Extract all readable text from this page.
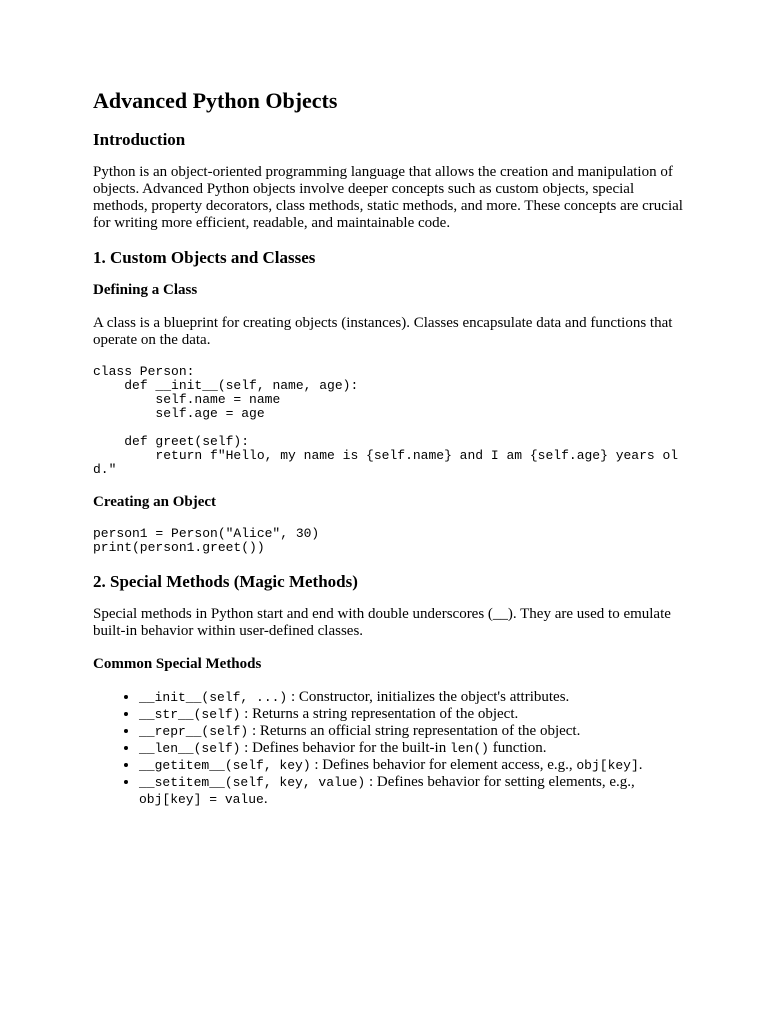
Advanced Python Objects
Introduction

Python is an object-oriented programming language that allows the creation and manipulation of objects. Advanced Python objects involve deeper concepts such as custom objects, special methods, property decorators, class methods, static methods, and more. These concepts are crucial for writing more efficient, readable, and maintainable code.

1. Custom Objects and Classes
Defining a Class

A class is a blueprint for creating objects (instances). Classes encapsulate data and functions that operate on the data.

class Person:
def __init__(self, name, age):
self.name = name
self.age = age

def greet(self):
return f"Hello, my name is {self.name} and I am {self.age} years old."
Creating an Object
person1 = Person("Alice", 30)
print(person1.greet())
2. Special Methods (Magic Methods)

Special methods in Python start and end with double underscores (__). They are used to emulate built-in behavior within user-defined classes.

Common Special Methods
• __init__(self, ...) : Constructor, initializes the object's attributes.
• __str__(self) : Returns a string representation of the object.
• __repr__(self) : Returns an official string representation of the object.
• __len__(self) : Defines behavior for the built-in len() function.
• __getitem__(self, key) : Defines behavior for element access, e.g., obj[key].
• __setitem__(self, key, value) : Defines behavior for setting elements, e.g., obj[key] = value.
